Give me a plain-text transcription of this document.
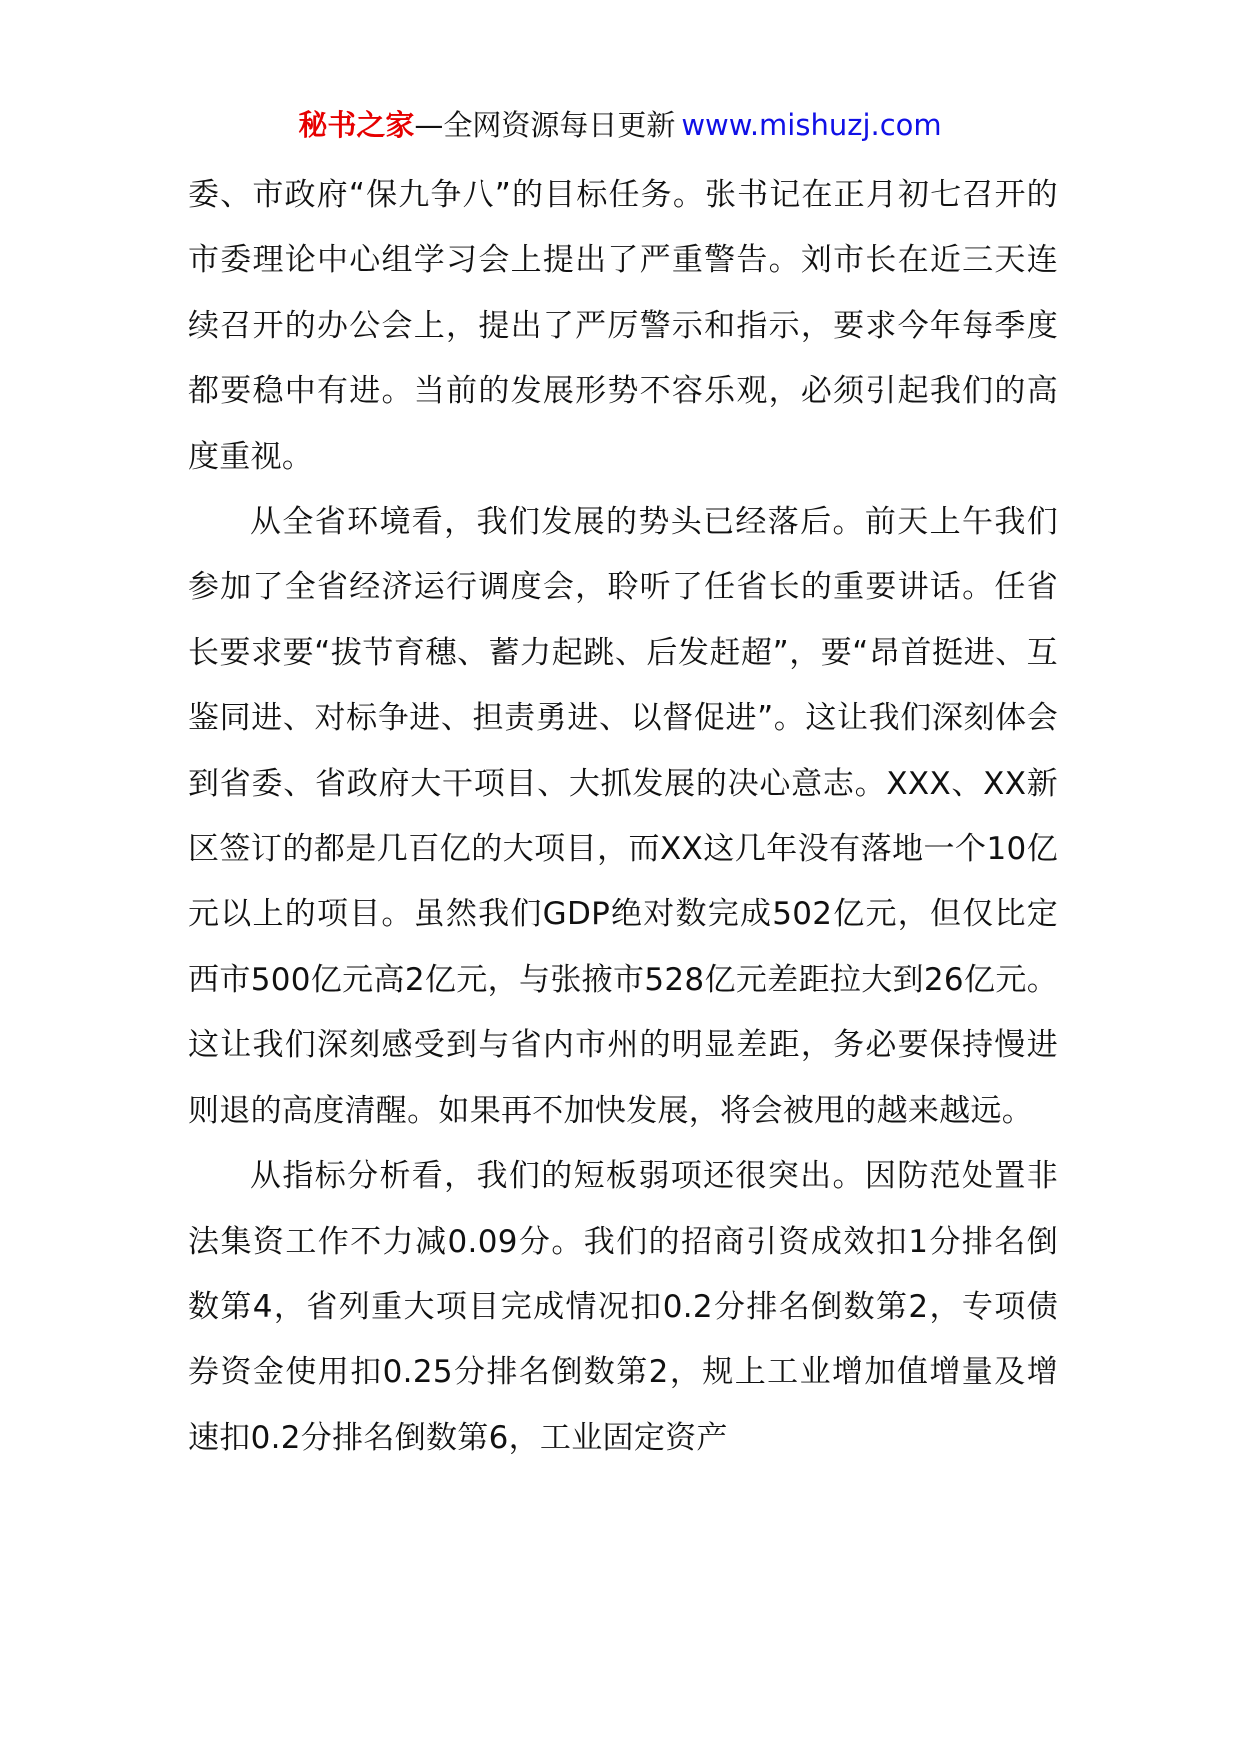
秘书之家—全网资源每日更新 www.mishuzj.com

委、市政府“保九争八”的目标任务。张书记在正月初七召开的市委理论中心组学习会上提出了严重警告。刘市长在近三天连续召开的办公会上，提出了严厉警示和指示，要求今年每季度都要稳中有进。当前的发展形势不容乐观，必须引起我们的高度重视。

从全省环境看，我们发展的势头已经落后。前天上午我们参加了全省经济运行调度会，聆听了任省长的重要讲话。任省长要求要“拔节育穗、蓄力起跳、后发赶超”，要“昂首挺进、互鉴同进、对标争进、担责勇进、以督促进”。这让我们深刻体会到省委、省政府大干项目、大抓发展的决心意志。XXX、XX新区签订的都是几百亿的大项目，而XX这几年没有落地一个10亿元以上的项目。虽然我们GDP绝对数完成502亿元，但仅比定西市500亿元高2亿元，与张掖市528亿元差距拉大到26亿元。这让我们深刻感受到与省内市州的明显差距，务必要保持慢进则退的高度清醒。如果再不加快发展，将会被甩的越来越远。

从指标分析看，我们的短板弱项还很突出。因防范处置非法集资工作不力减0.09分。我们的招商引资成效扣1分排名倒数第4，省列重大项目完成情况扣0.2分排名倒数第2，专项债券资金使用扣0.25分排名倒数第2，规上工业增加值增量及增速扣0.2分排名倒数第6，工业固定资产
